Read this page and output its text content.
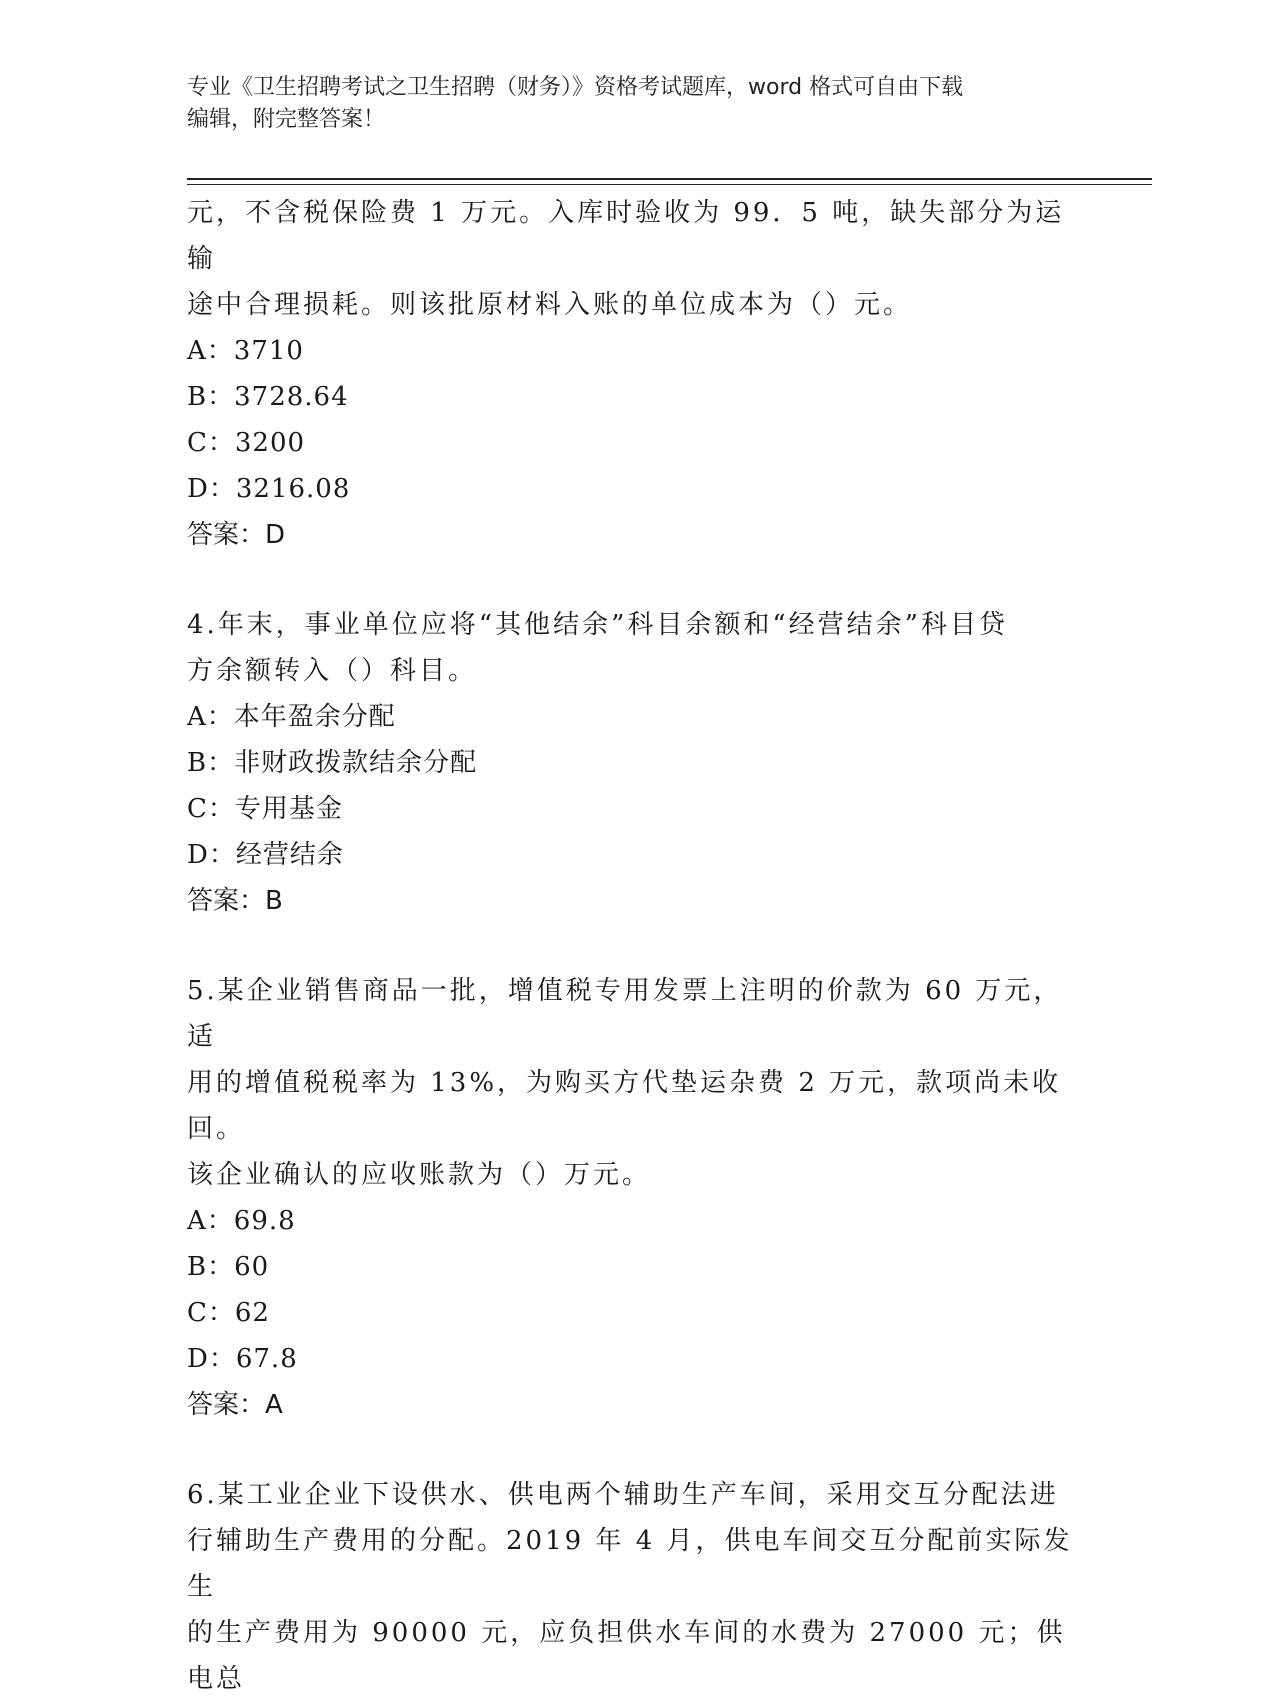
专业《卫生招聘考试之卫生招聘（财务）》资格考试题库，word 格式可自由下载
编辑，附完整答案！

元，不含税保险费 1 万元。入库时验收为 99．5 吨，缺失部分为运输

途中合理损耗。则该批原材料入账的单位成本为（）元。

A：3710

B：3728.64

C：3200

D：3216.08

答案：D

4.年末，事业单位应将“其他结余”科目余额和“经营结余”科目贷

方余额转入（）科目。

A：本年盈余分配

B：非财政拨款结余分配

C：专用基金

D：经营结余

答案：B

5.某企业销售商品一批，增值税专用发票上注明的价款为 60 万元，适

用的增值税税率为 13%，为购买方代垫运杂费 2 万元，款项尚未收回。

该企业确认的应收账款为（）万元。

A：69.8

B：60

C：62

D：67.8

答案：A

6.某工业企业下设供水、供电两个辅助生产车间，采用交互分配法进

行辅助生产费用的分配。2019 年 4 月，供电车间交互分配前实际发生

的生产费用为 90000 元，应负担供水车间的水费为 27000 元；供电总
